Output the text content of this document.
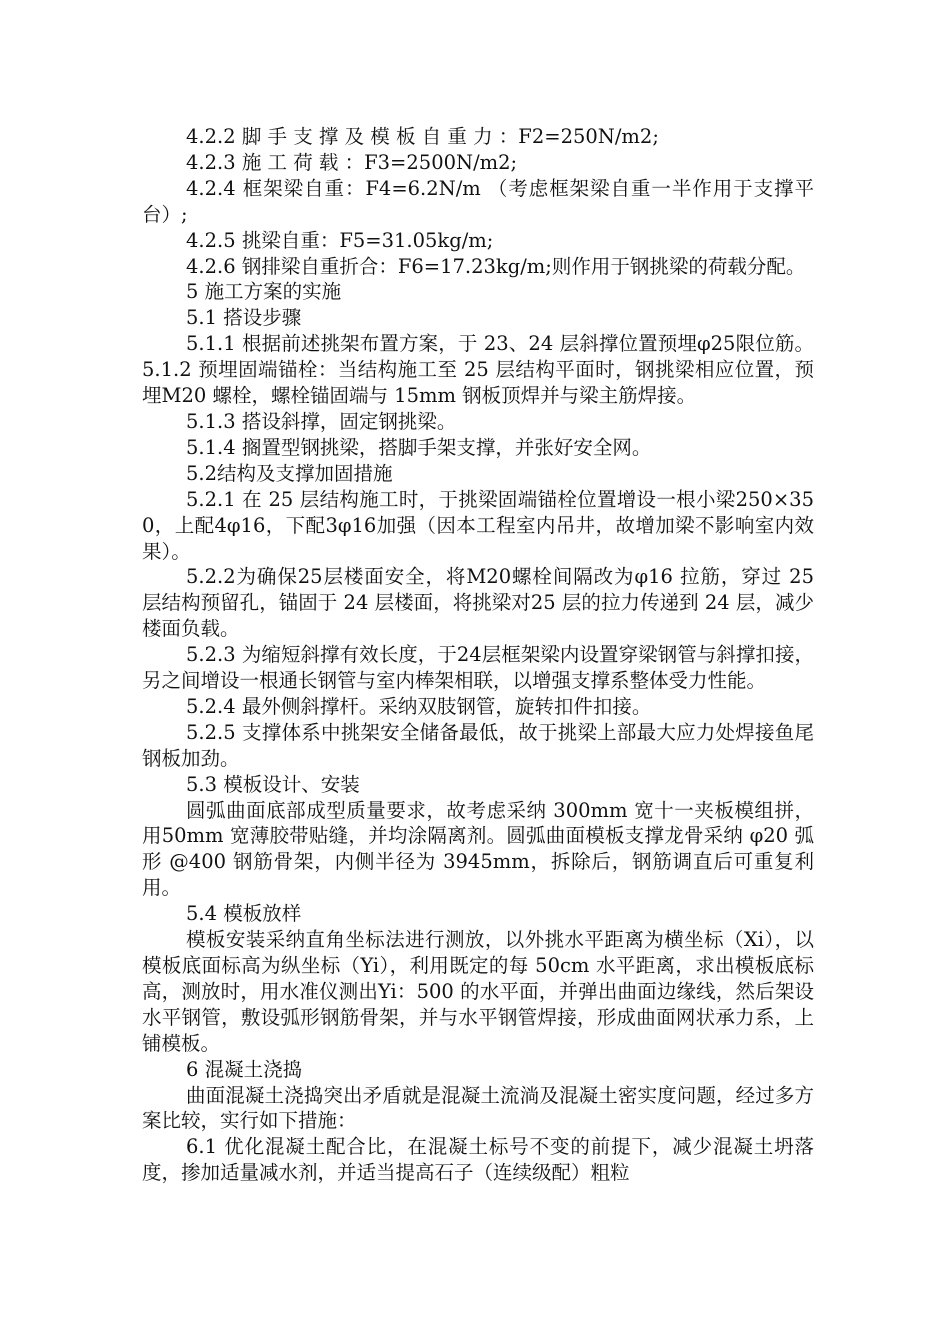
4.2.2 脚 手 支 撑 及 模 板 自 重 力 ：F2=250N/m2;

4.2.3 施 工 荷 载 ：F3=2500N/m2;

4.2.4 框架梁自重：F4=6.2N/m （考虑框架梁自重一半作用于支撑平台）;

4.2.5 挑梁自重：F5=31.05kg/m;

4.2.6 钢排梁自重折合：F6=17.23kg/m;则作用于钢挑梁的荷载分配。

5 施工方案的实施

5.1 搭设步骤

5.1.1 根据前述挑架布置方案，于 23、24 层斜撑位置预埋φ25限位筋。5.1.2 预埋固端锚栓：当结构施工至 25 层结构平面时，钢挑梁相应位置，预埋M20 螺栓，螺栓锚固端与 15mm 钢板顶焊并与梁主筋焊接。

5.1.3 搭设斜撑，固定钢挑梁。

5.1.4 搁置型钢挑梁，搭脚手架支撑，并张好安全网。

5.2结构及支撑加固措施

5.2.1 在 25 层结构施工时，于挑梁固端锚栓位置增设一根小梁250×350，上配4φ16，下配3φ16加强（因本工程室内吊井，故增加梁不影响室内效果）。

5.2.2为确保25层楼面安全，将M20螺栓间隔改为φ16 拉筋，穿过 25 层结构预留孔，锚固于 24 层楼面，将挑梁对25 层的拉力传递到 24 层，减少楼面负载。

5.2.3 为缩短斜撑有效长度，于24层框架梁内设置穿梁钢管与斜撑扣接，另之间增设一根通长钢管与室内棒架相联，以增强支撑系整体受力性能。

5.2.4 最外侧斜撑杆。采纳双肢钢管，旋转扣件扣接。

5.2.5 支撑体系中挑架安全储备最低，故于挑梁上部最大应力处焊接鱼尾钢板加劲。

5.3 模板设计、安装

圆弧曲面底部成型质量要求，故考虑采纳 300mm 宽十一夹板模组拼，用50mm 宽薄胶带贴缝，并均涂隔离剂。圆弧曲面模板支撑龙骨采纳 φ20 弧形 @400 钢筋骨架，内侧半径为 3945mm，拆除后，钢筋调直后可重复利用。

5.4 模板放样

模板安装采纳直角坐标法进行测放，以外挑水平距离为横坐标（Xi），以模板底面标高为纵坐标（Yi），利用既定的每 50cm 水平距离，求出模板底标高，测放时，用水准仪测出Yi：500 的水平面，并弹出曲面边缘线，然后架设水平钢管，敷设弧形钢筋骨架，并与水平钢管焊接，形成曲面网状承力系，上铺模板。

6 混凝土浇捣

曲面混凝土浇捣突出矛盾就是混凝土流淌及混凝土密实度问题，经过多方案比较，实行如下措施：

6.1 优化混凝土配合比，在混凝土标号不变的前提下，减少混凝土坍落度，掺加适量减水剂，并适当提高石子（连续级配）粗粒
